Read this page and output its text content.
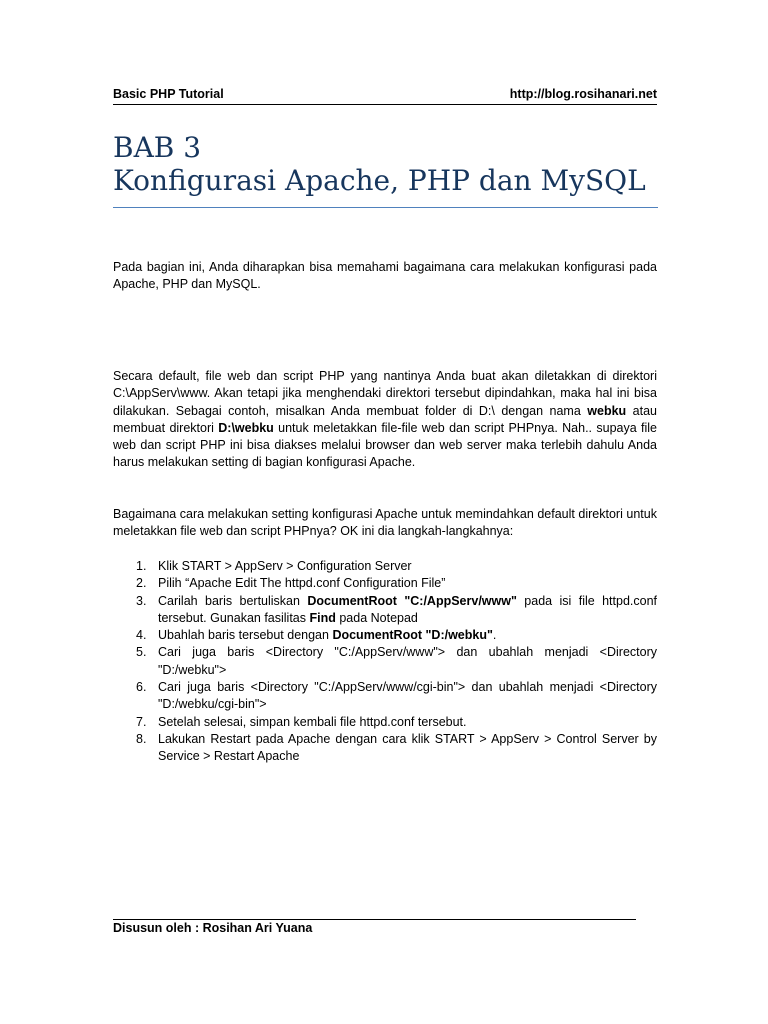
Basic PHP Tutorial	http://blog.rosihanari.net
BAB 3
Konfigurasi Apache, PHP dan MySQL

Pada bagian ini, Anda diharapkan bisa memahami bagaimana cara melakukan konfigurasi pada Apache, PHP dan MySQL.

Secara default, file web dan script PHP yang nantinya Anda buat akan diletakkan di direktori C:\AppServ\www. Akan tetapi jika menghendaki direktori tersebut dipindahkan, maka hal ini bisa dilakukan. Sebagai contoh, misalkan Anda membuat folder di D:\ dengan nama webku atau membuat direktori D:\webku untuk meletakkan file-file web dan script PHPnya. Nah.. supaya file web dan script PHP ini bisa diakses melalui browser dan web server maka terlebih dahulu Anda harus melakukan setting di bagian konfigurasi Apache.

Bagaimana cara melakukan setting konfigurasi Apache untuk memindahkan default direktori untuk meletakkan file web dan script PHPnya? OK ini dia langkah-langkahnya:

1. Klik START > AppServ > Configuration Server
2. Pilih “Apache Edit The httpd.conf Configuration File”
3. Carilah baris bertuliskan DocumentRoot "C:/AppServ/www" pada isi file httpd.conf tersebut. Gunakan fasilitas Find pada Notepad
4. Ubahlah baris tersebut dengan DocumentRoot "D:/webku".
5. Cari juga baris <Directory "C:/AppServ/www"> dan ubahlah menjadi <Directory "D:/webku">
6. Cari juga baris <Directory "C:/AppServ/www/cgi-bin"> dan ubahlah menjadi <Directory "D:/webku/cgi-bin">
7. Setelah selesai, simpan kembali file httpd.conf tersebut.
8. Lakukan Restart pada Apache dengan cara klik START > AppServ > Control Server by Service > Restart Apache
Disusun oleh : Rosihan Ari Yuana
